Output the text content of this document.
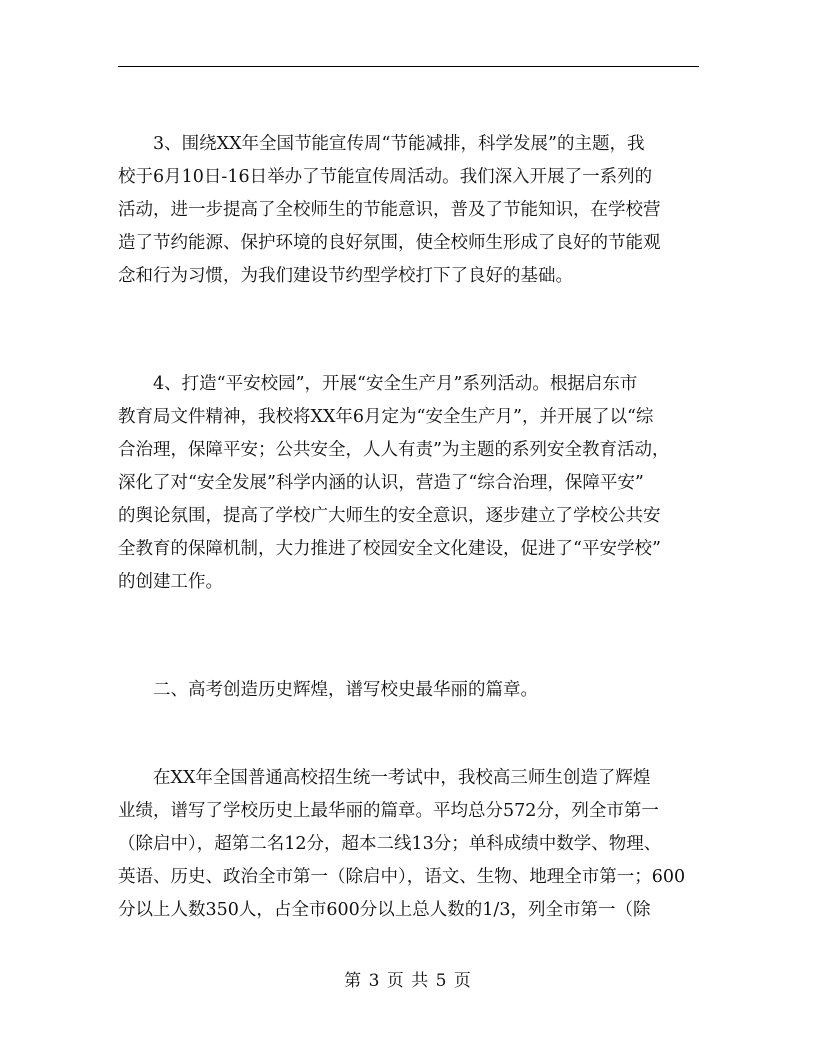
　　3、围绕XX年全国节能宣传周“节能减排，科学发展”的主题，我
校于6月10日-16日举办了节能宣传周活动。我们深入开展了一系列的
活动，进一步提高了全校师生的节能意识，普及了节能知识，在学校营
造了节约能源、保护环境的良好氛围，使全校师生形成了良好的节能观
念和行为习惯，为我们建设节约型学校打下了良好的基础。
　　4、打造“平安校园”，开展“安全生产月”系列活动。根据启东市
教育局文件精神，我校将XX年6月定为“安全生产月”，并开展了以“综
合治理，保障平安；公共安全，人人有责”为主题的系列安全教育活动，
深化了对“安全发展”科学内涵的认识，营造了“综合治理，保障平安”
的舆论氛围，提高了学校广大师生的安全意识，逐步建立了学校公共安
全教育的保障机制，大力推进了校园安全文化建设，促进了“平安学校”
的创建工作。
　　二、高考创造历史辉煌，谱写校史最华丽的篇章。
　　在XX年全国普通高校招生统一考试中，我校高三师生创造了辉煌
业绩，谱写了学校历史上最华丽的篇章。平均总分572分，列全市第一
（除启中），超第二名12分，超本二线13分；单科成绩中数学、物理、
英语、历史、政治全市第一（除启中），语文、生物、地理全市第一；600
分以上人数350人，占全市600分以上总人数的1/3，列全市第一（除
第 3 页 共 5 页
